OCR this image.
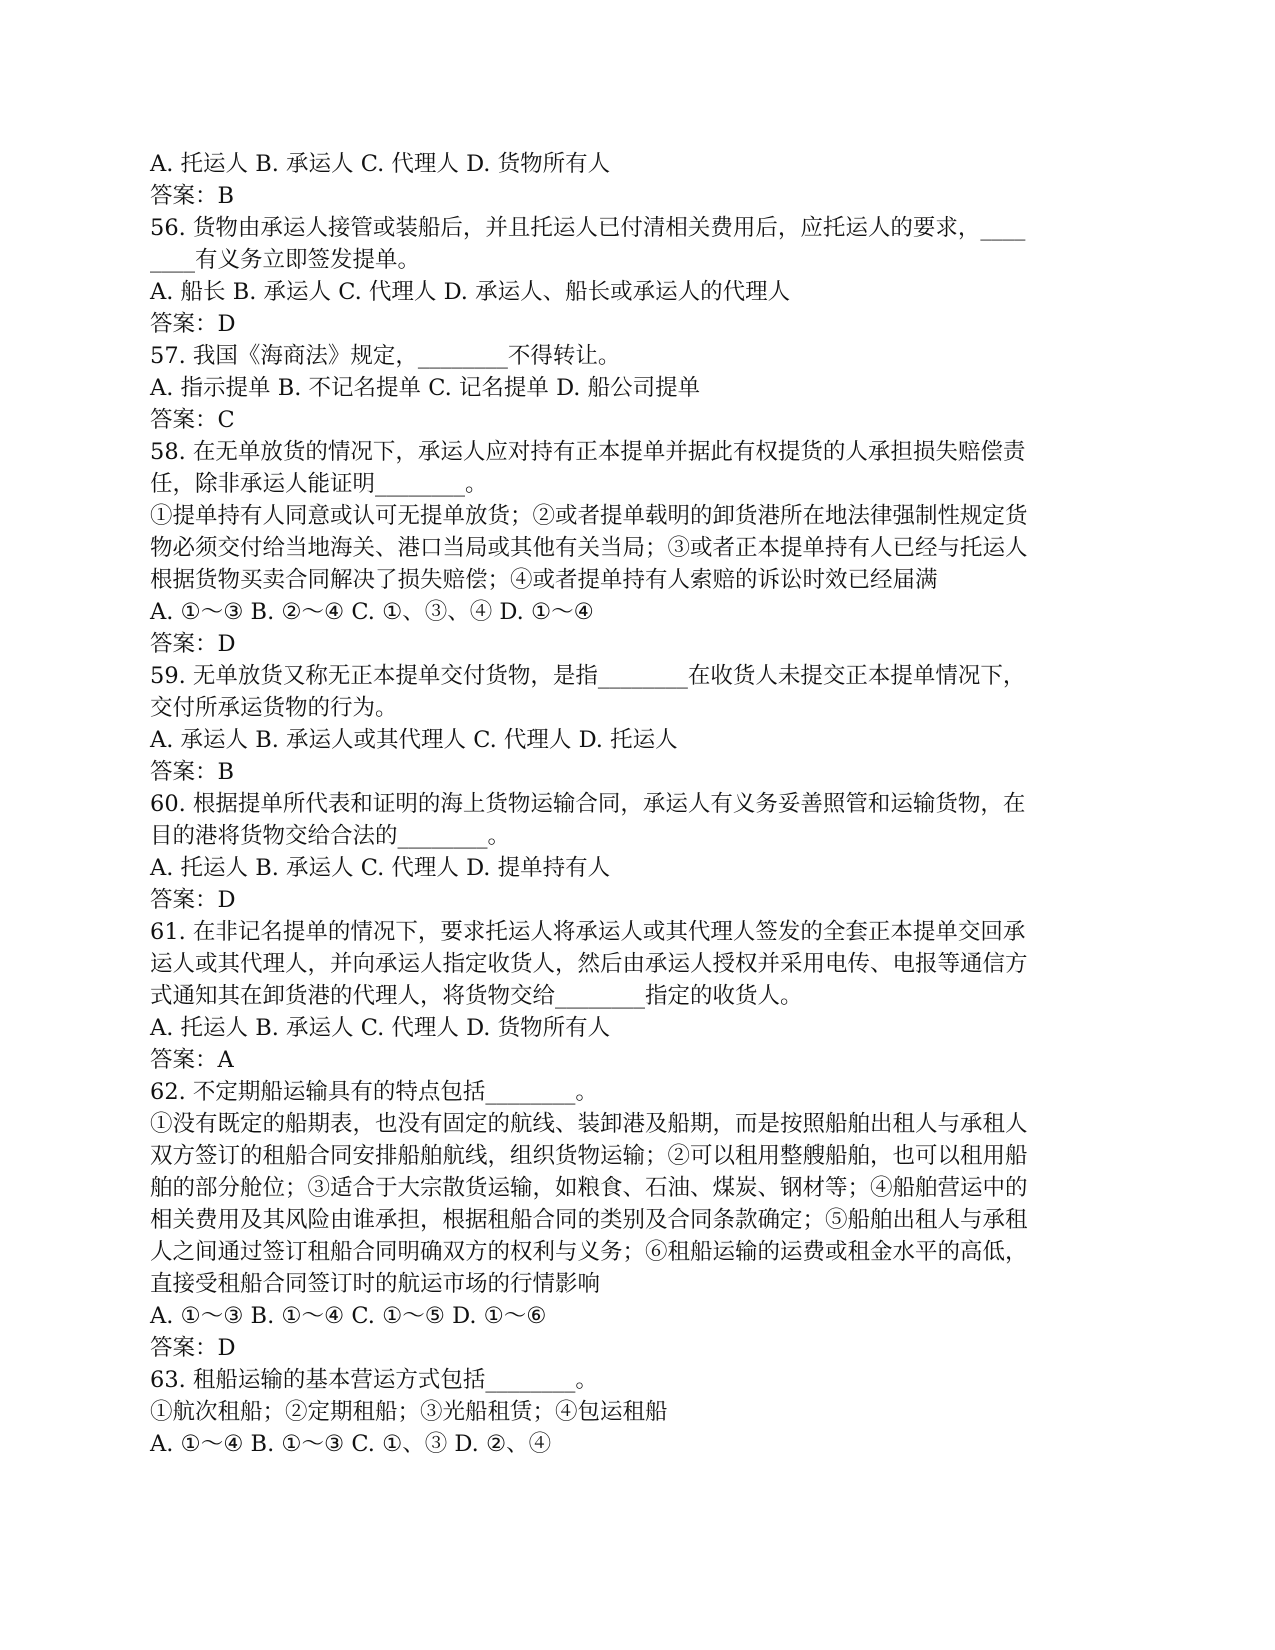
A. 托运人 B. 承运人 C. 代理人 D. 货物所有人
答案：B
56. 货物由承运人接管或装船后，并且托运人已付清相关费用后，应托运人的要求，____
____有义务立即签发提单。
A. 船长 B. 承运人 C. 代理人 D. 承运人、船长或承运人的代理人
答案：D
57. 我国《海商法》规定，________不得转让。
A. 指示提单 B. 不记名提单 C. 记名提单 D. 船公司提单
答案：C
58. 在无单放货的情况下，承运人应对持有正本提单并据此有权提货的人承担损失赔偿责
任，除非承运人能证明________。
①提单持有人同意或认可无提单放货；②或者提单载明的卸货港所在地法律强制性规定货
物必须交付给当地海关、港口当局或其他有关当局；③或者正本提单持有人已经与托运人
根据货物买卖合同解决了损失赔偿；④或者提单持有人索赔的诉讼时效已经届满
A. ①～③ B. ②～④ C. ①、③、④ D. ①～④
答案：D
59. 无单放货又称无正本提单交付货物，是指________在收货人未提交正本提单情况下，
交付所承运货物的行为。
A. 承运人 B. 承运人或其代理人 C. 代理人 D. 托运人
答案：B
60. 根据提单所代表和证明的海上货物运输合同，承运人有义务妥善照管和运输货物，在
目的港将货物交给合法的________。
A. 托运人 B. 承运人 C. 代理人 D. 提单持有人
答案：D
61. 在非记名提单的情况下，要求托运人将承运人或其代理人签发的全套正本提单交回承
运人或其代理人，并向承运人指定收货人，然后由承运人授权并采用电传、电报等通信方
式通知其在卸货港的代理人，将货物交给________指定的收货人。
A. 托运人 B. 承运人 C. 代理人 D. 货物所有人
答案：A
62. 不定期船运输具有的特点包括________。
①没有既定的船期表，也没有固定的航线、装卸港及船期，而是按照船舶出租人与承租人
双方签订的租船合同安排船舶航线，组织货物运输；②可以租用整艘船舶，也可以租用船
舶的部分舱位；③适合于大宗散货运输，如粮食、石油、煤炭、钢材等；④船舶营运中的
相关费用及其风险由谁承担，根据租船合同的类别及合同条款确定；⑤船舶出租人与承租
人之间通过签订租船合同明确双方的权利与义务；⑥租船运输的运费或租金水平的高低，
直接受租船合同签订时的航运市场的行情影响
A. ①～③ B. ①～④ C. ①～⑤ D. ①～⑥
答案：D
63. 租船运输的基本营运方式包括________。
①航次租船；②定期租船；③光船租赁；④包运租船
A. ①～④ B. ①～③ C. ①、③ D. ②、④
